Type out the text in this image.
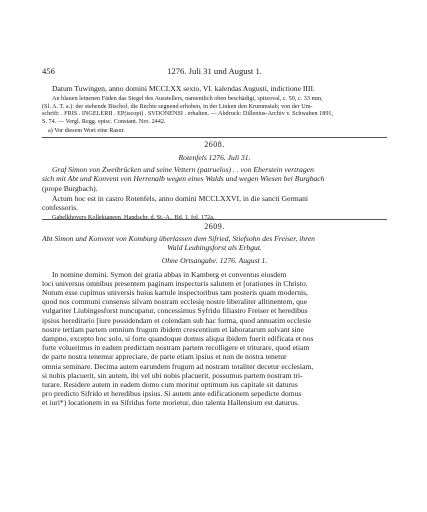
456	1276. Juli 31 und August 1.

Datum Tuwingen, anno domini MCCLXX sexto, VI. kalendas Augusti, indictione IIII.

An blauen leinenen Fäden das Siegel des Ausstellers, namentlich oben beschädigt, spitzoval, c. 50, c. 33 mm,

(Sl. A. T. a.): der stehende Bischof, die Rechte segnend erhoben, in der Linken den Krummstab; von der Um-

schrift: . FRIS . INGELERII . EP(iscopi) . SVDONENSI . erhalten. — Abdruck: Dillenius-Archiv v. Schwaben 1891,

S. 74. — Vergl. Regg. episc. Constant. Nro. 2442.

a) Vor diesem Wort eine Rasur.

2608.

Rotenfels 1276. Juli 31.

Graf Simon von Zweibrücken und seine Vettern (patruelos) . . von Eberstein vertragen

sich mit Abt und Konvent von Herrenalb wegen eines Walds und wegen Wiesen bei Burgbach

(prope Burgbach).

Actum hoc est in castro Rotenfels, anno domini MCCLXXVI, in die sancti Germani

confessoris.

Gabelkhovers Kollektaneen, Handschr. d. St.-A., Bd. 1, fol. 172a.

2609.

Abt Simon und Konvent von Komburg überlassen dem Sifried, Stiefsohn des Freiser, ihren

Wald Leubingsforst als Erbgut.

Ohne Ortsangabe. 1276. August 1.

In nomine domini. Symon dei gratia abbas in Kamberg et conventus eiusdem

loci universus omnibus presentem paginam inspecturis salutem et [orationes in Christo.

Notum esse cupimus universis huius kartule inspectoribus tam posteris quam modernis,

quod nos communi consensu silvam nostram ecclesię nostre liberaliter alltinentem, que

vulgariter Liubingesforst nuncupatur, concessimus Syfrido filiastro Freiser et heredibus

ipsius hereditario [iure possidendam et colendam sub hac forma, quod annuatim ecclesie

nostre tertiam partem omnium frugum ibidem crescentium et laboratarum solvant sine

dampno, excepto hoc solo, si forte quandoque domus aliqua ibidem fuerit edificata et nos

forte voluerimus in eadem predictam nostram partem recolligere et triturare, quod etiam

de parte nostra tenemur appreciare, de parte etiam ipsius et non de nostra tenetur

omnia seminare. Decima autem earundem frugum ad nostram totaliter decetur ecclesiam,

si nobis placuerit, sin autem, ibi vel ubi nobis placuerit, possumus partem nostram tri-

turare. Residere autem in eadem domo cum moritur optimum ius capitale sit daturus

pro predicto Sifrido et heredibus ipsius. Si autem ante edificationem sepedicte domus

et iuri*) locationem in ea Sifridus forte morietur, duo talenta Hallensium est daturus.
